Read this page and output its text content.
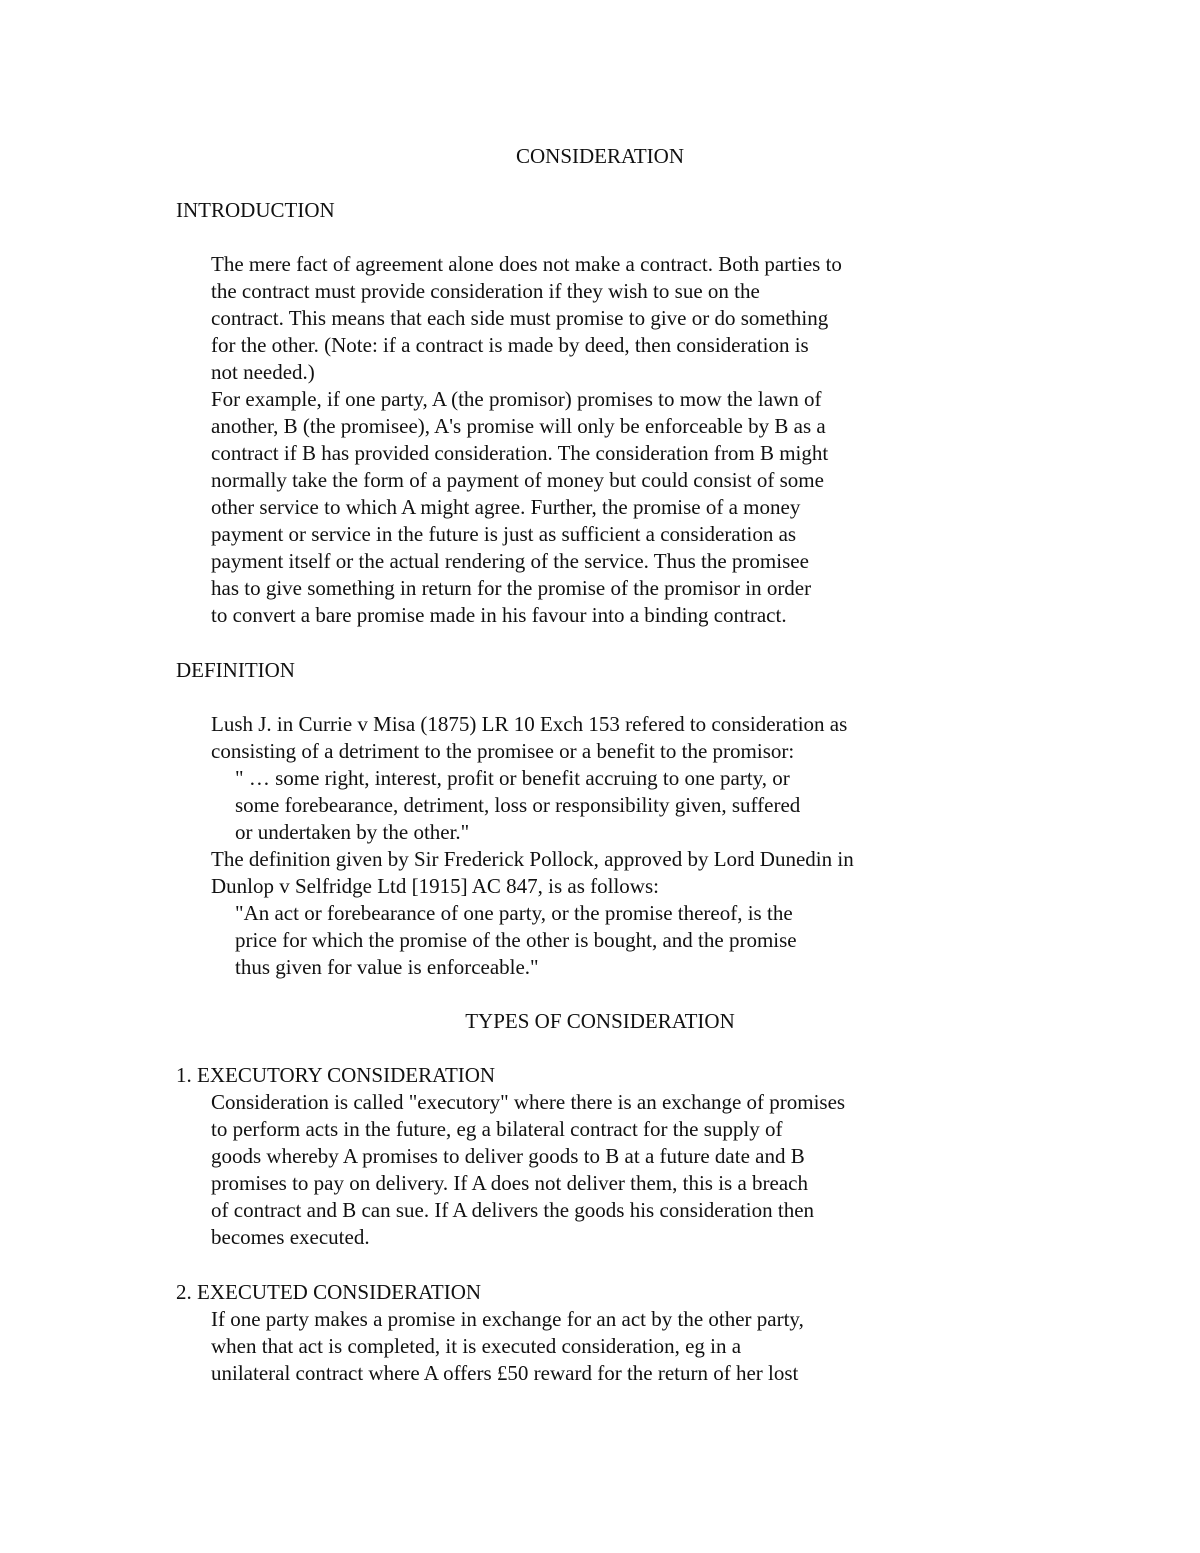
CONSIDERATION

INTRODUCTION

The mere fact of agreement alone does not make a contract. Both parties to

the contract must provide consideration if they wish to sue on the

contract. This means that each side must promise to give or do something

for the other. (Note: if a contract is made by deed, then consideration is

not needed.)

For example, if one party, A (the promisor) promises to mow the lawn of

another, B (the promisee), A's promise will only be enforceable by B as a

contract if B has provided consideration. The consideration from B might

normally take the form of a payment of money but could consist of some

other service to which A might agree. Further, the promise of a money

payment or service in the future is just as sufficient a consideration as

payment itself or the actual rendering of the service. Thus the promisee

has to give something in return for the promise of the promisor in order

to convert a bare promise made in his favour into a binding contract.

DEFINITION

Lush J. in Currie v Misa (1875) LR 10 Exch 153 refered to consideration as

consisting of a detriment to the promisee or a benefit to the promisor:

" … some right, interest, profit or benefit accruing to one party, or

some forebearance, detriment, loss or responsibility given, suffered

or undertaken by the other."

The definition given by Sir Frederick Pollock, approved by Lord Dunedin in

Dunlop v Selfridge Ltd [1915] AC 847, is as follows:

"An act or forebearance of one party, or the promise thereof, is the

price for which the promise of the other is bought, and the promise

thus given for value is enforceable."

TYPES OF CONSIDERATION

1. EXECUTORY CONSIDERATION

Consideration is called "executory" where there is an exchange of promises

to perform acts in the future, eg a bilateral contract for the supply of

goods whereby A promises to deliver goods to B at a future date and B

promises to pay on delivery. If A does not deliver them, this is a breach

of contract and B can sue. If A delivers the goods his consideration then

becomes executed.

2. EXECUTED CONSIDERATION

If one party makes a promise in exchange for an act by the other party,

when that act is completed, it is executed consideration, eg in a

unilateral contract where A offers £50 reward for the return of her lost
